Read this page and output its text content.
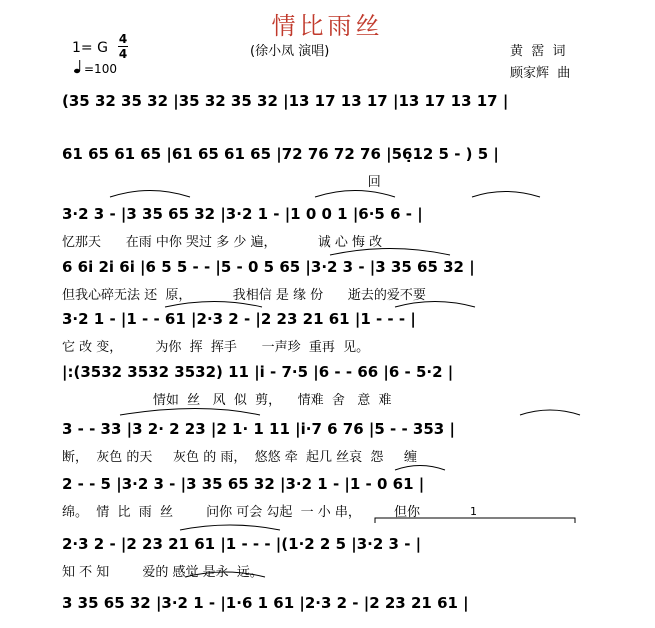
情比雨丝
1= G
4
4	(徐小凤 演唱)	黄  霑  词
顾家辉  曲
=100
(35 32 35 32 |35 32 35 32 |13 17 13 17 |13 17 13 17 |
61 65 61 65 |61 65 61 65 |72 76 72 76 |56̣12 5 - ) 5 |
回
3·2 3 - |3 35 65 32 |3·2 1 - |1 0 0 1 |6·5 6 - |
忆那天      在雨 中你 哭过 多 少 遍，          诚 心 悔 改
6 6i 2i 6i |6 5 5 - - |5 - 0 5 65 |3·2 3 - |3 35 65 32 |
但我心碎无法 还  原，          我相信 是 缘 份      逝去的爱不要
3·2 1 - |1 - - 61 |2·3 2 - |2 23 21 61 |1 - - - |
它 改 变，        为你  挥  挥手      一声珍  重再  见。
|:(3532 3532 3532) 11 |i - 7·5 |6 - - 66 |6 - 5·2 |
情如  丝   风  似  剪，    情难  舍   意  难
3 - - 33 |3 2· 2 23 |2 1· 1 11 |i·7 6 76 |5 - - 353 |
断，  灰色 的天     灰色 的 雨，  悠悠 牵  起几 丝哀  怨     缠
2 - - 5 |3·2 3 - |3 35 65 32 |3·2 1 - |1 - 0 61 |
绵。  情  比  雨  丝        问你 可会 勾起  一 小 串，        但你
2·3 2 - |2 23 21 61 |1 - - - |(1·2 2 5 |3·2 3 - |
知 不 知        爱的 感觉 是永  远。
3 35 65 32 |3·2 1 - |1·6 1 61 |2·3 2 - |2 23 21 61 |
1
